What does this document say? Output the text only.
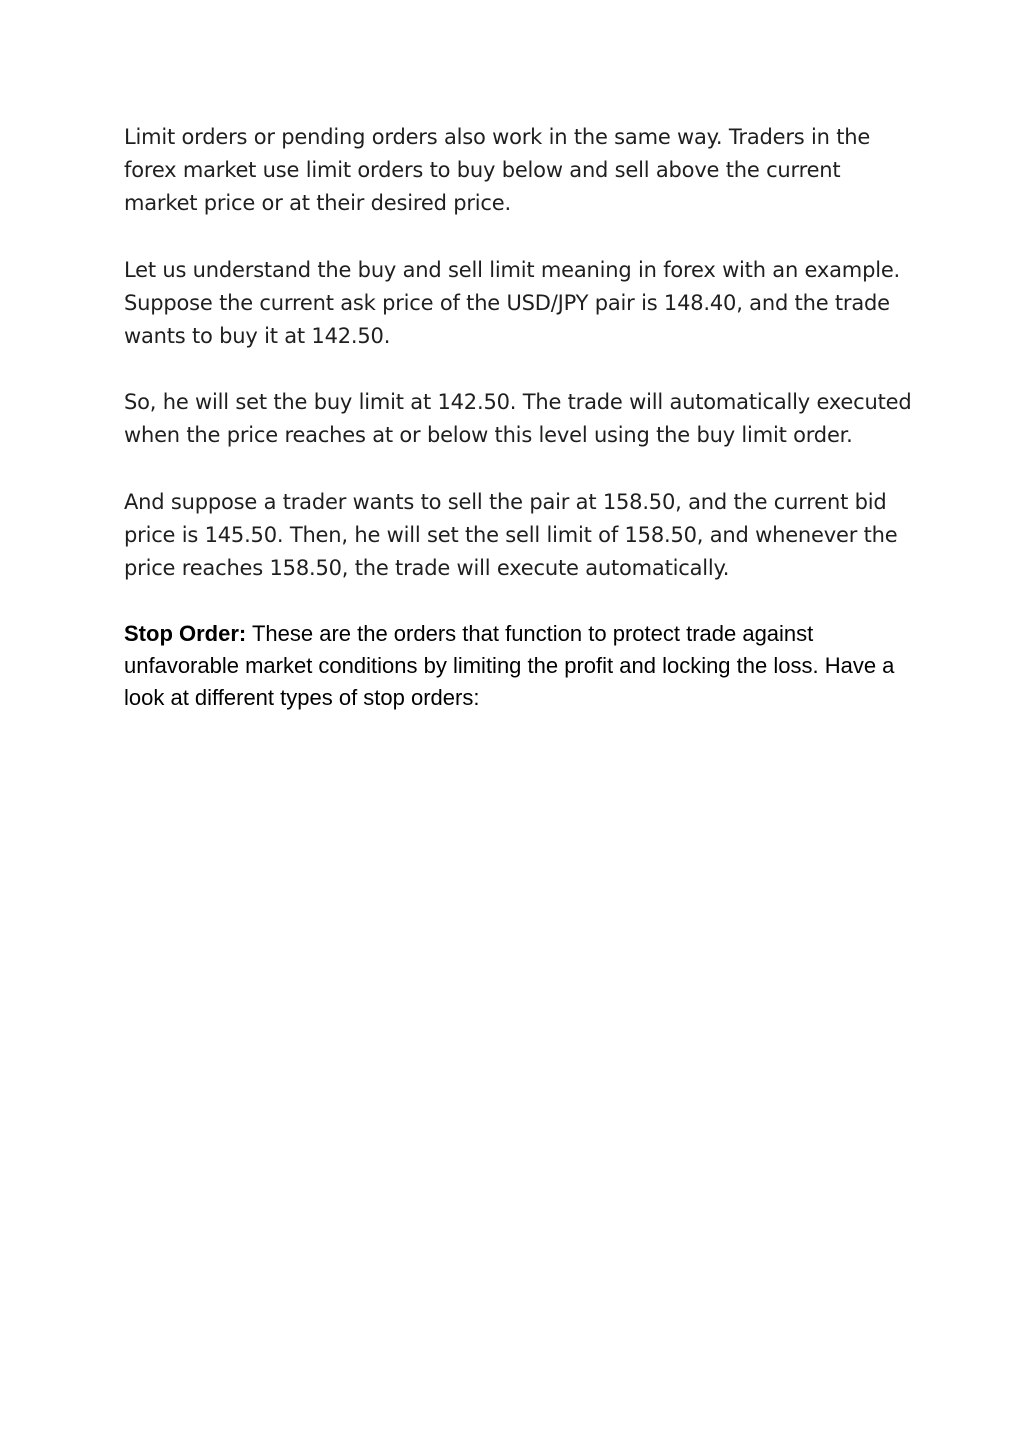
Limit orders or pending orders also work in the same way. Traders in the forex market use limit orders to buy below and sell above the current market price or at their desired price.

Let us understand the buy and sell limit meaning in forex with an example. Suppose the current ask price of the USD/JPY pair is 148.40, and the trade wants to buy it at 142.50.

So, he will set the buy limit at 142.50. The trade will automatically executed when the price reaches at or below this level using the buy limit order.

And suppose a trader wants to sell the pair at 158.50, and the current bid price is 145.50. Then, he will set the sell limit of 158.50, and whenever the price reaches 158.50, the trade will execute automatically.

Stop Order: These are the orders that function to protect trade against unfavorable market conditions by limiting the profit and locking the loss. Have a look at different types of stop orders:
